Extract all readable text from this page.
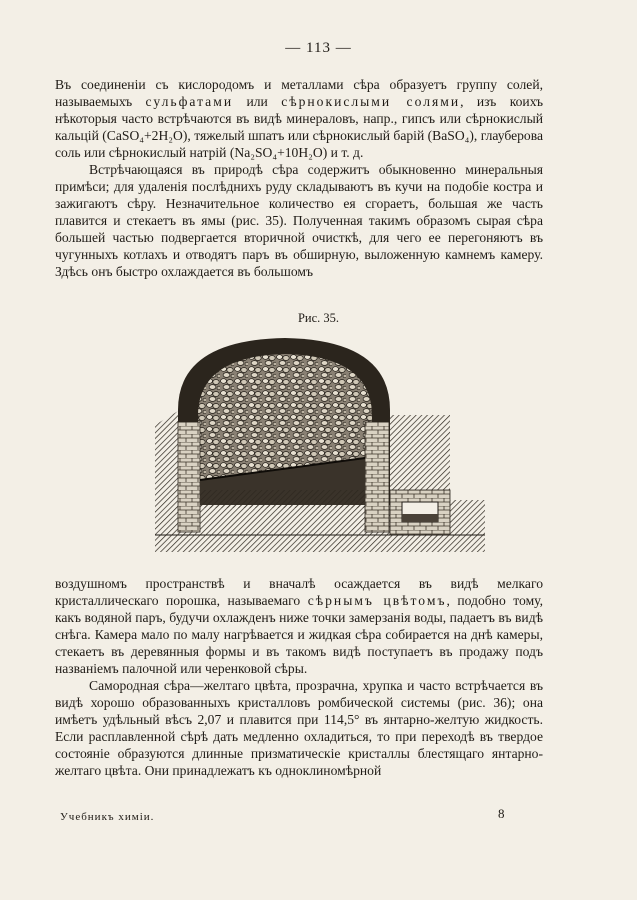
— 113 —

Въ соединеніи съ кислородомъ и металлами сѣра образуетъ группу солей, называемыхъ сульфатами или сѣрнокислыми солями, изъ коихъ нѣкоторыя часто встрѣчаются въ видѣ минераловъ, напр., гипсъ или сѣрнокислый кальцій (CaSO₄+2H₂O), тяжелый шпатъ или сѣрнокислый барій (BaSO₄), глауберова соль или сѣрнокислый натрій (Na₂SO₄+10H₂O) и т. д.

Встрѣчающаяся въ природѣ сѣра содержитъ обыкновенно минеральныя примѣси; для удаленія послѣднихъ руду складываютъ въ кучи на подобіе костра и зажигаютъ сѣру. Незначительное количество ея сгораетъ, большая же часть плавится и стекаетъ въ ямы (рис. 35). Полученная такимъ образомъ сырая сѣра большей частью подвергается вторичной очисткѣ, для чего ее перегоняютъ въ чугунныхъ котлахъ и отводятъ паръ въ обширную, выложенную камнемъ камеру. Здѣсь онъ быстро охлаждается въ большомъ

Рис. 35.

воздушномъ пространствѣ и вначалѣ осаждается въ видѣ мелкаго кристаллическаго порошка, называемаго сѣрнымъ цвѣтомъ, подобно тому, какъ водяной паръ, будучи охлажденъ ниже точки замерзанія воды, падаетъ въ видѣ снѣга. Камера мало по малу нагрѣвается и жидкая сѣра собирается на днѣ камеры, стекаетъ въ деревянныя формы и въ такомъ видѣ поступаетъ въ продажу подъ названіемъ палочной или черенковой сѣры.

Самородная сѣра—желтаго цвѣта, прозрачна, хрупка и часто встрѣчается въ видѣ хорошо образованныхъ кристалловъ ромбической системы (рис. 36); она имѣетъ удѣльный вѣсъ 2,07 и плавится при 114,5° въ янтарно-желтую жидкость. Если расплавленной сѣрѣ дать медленно охладиться, то при переходѣ въ твердое состояніе образуются длинные призматическіе кристаллы блестящаго янтарно-желтаго цвѣта. Они принадлежатъ къ одноклиномѣрной

Учебникъ химіи.	8
